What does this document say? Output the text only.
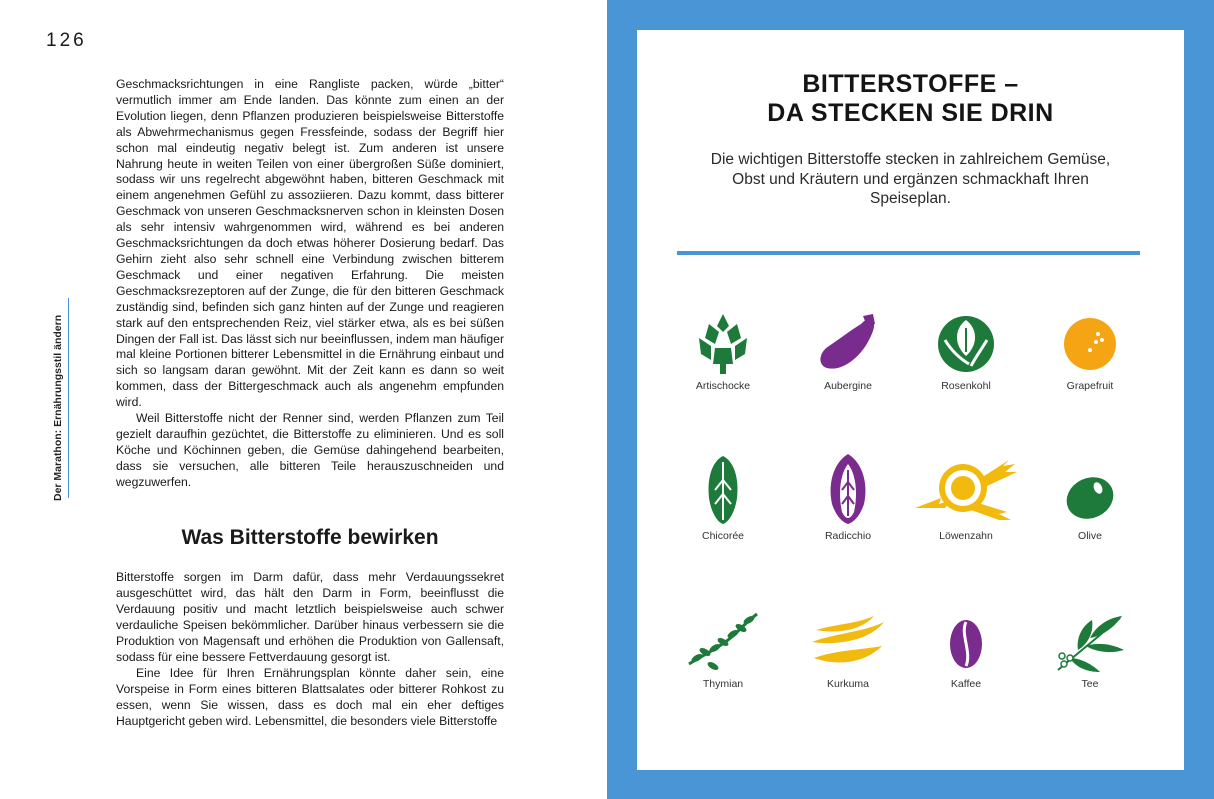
126
Der Marathon: Ernährungsstil ändern

Geschmacksrichtungen in eine Rangliste packen, würde „bitter“ vermutlich immer am Ende landen. Das könnte zum einen an der Evolution liegen, denn Pflanzen produzieren beispielsweise Bitterstoffe als Abwehrmechanismus gegen Fressfeinde, sodass der Begriff hier schon mal eindeutig negativ belegt ist. Zum anderen ist unsere Nahrung heute in weiten Teilen von einer übergroßen Süße dominiert, sodass wir uns regelrecht abgewöhnt haben, bitteren Geschmack mit einem angenehmen Gefühl zu assoziieren. Dazu kommt, dass bitterer Geschmack von unseren Geschmacksnerven schon in kleinsten Dosen als sehr intensiv wahrgenommen wird, während es bei anderen Geschmacksrichtungen da doch etwas höherer Dosierung bedarf. Das Gehirn zieht also sehr schnell eine Verbindung zwischen bitterem Geschmack und einer negativen Erfahrung. Die meisten Geschmacksrezeptoren auf der Zunge, die für den bitteren Geschmack zuständig sind, befinden sich ganz hinten auf der Zunge und reagieren stark auf den entsprechenden Reiz, viel stärker etwa, als es bei süßen Dingen der Fall ist. Das lässt sich nur beeinflussen, indem man häufiger mal kleine Portionen bitterer Lebensmittel in die Ernährung einbaut und sich so langsam daran gewöhnt. Mit der Zeit kann es dann so weit kommen, dass der Bittergeschmack auch als angenehm empfunden wird.

Weil Bitterstoffe nicht der Renner sind, werden Pflanzen zum Teil gezielt daraufhin gezüchtet, die Bitterstoffe zu eliminieren. Und es soll Köche und Köchinnen geben, die Gemüse dahingehend bearbeiten, dass sie versuchen, alle bitteren Teile herauszuschneiden und wegzuwerfen.

Was Bitterstoffe bewirken

Bitterstoffe sorgen im Darm dafür, dass mehr Verdauungssekret ausgeschüttet wird, das hält den Darm in Form, beeinflusst die Verdauung positiv und macht letztlich beispielsweise auch schwer verdauliche Speisen bekömmlicher. Darüber hinaus verbessern sie die Produktion von Magensaft und erhöhen die Produktion von Gallensaft, sodass für eine bessere Fettverdauung gesorgt ist.

Eine Idee für Ihren Ernährungsplan könnte daher sein, eine Vorspeise in Form eines bitteren Blattsalates oder bitterer Rohkost zu essen, wenn Sie wissen, dass es doch mal ein eher deftiges Hauptgericht geben wird. Lebensmittel, die besonders viele Bitterstoffe

BITTERSTOFFE –
DA STECKEN SIE DRIN

Die wichtigen Bitterstoffe stecken in zahlreichem Gemüse, Obst und Kräutern und ergänzen schmackhaft Ihren Speiseplan.

Artischocke	Aubergine	Rosenkohl	Grapefruit
Chicorée	Radicchio	Löwenzahn	Olive
Thymian	Kurkuma	Kaffee	Tee
